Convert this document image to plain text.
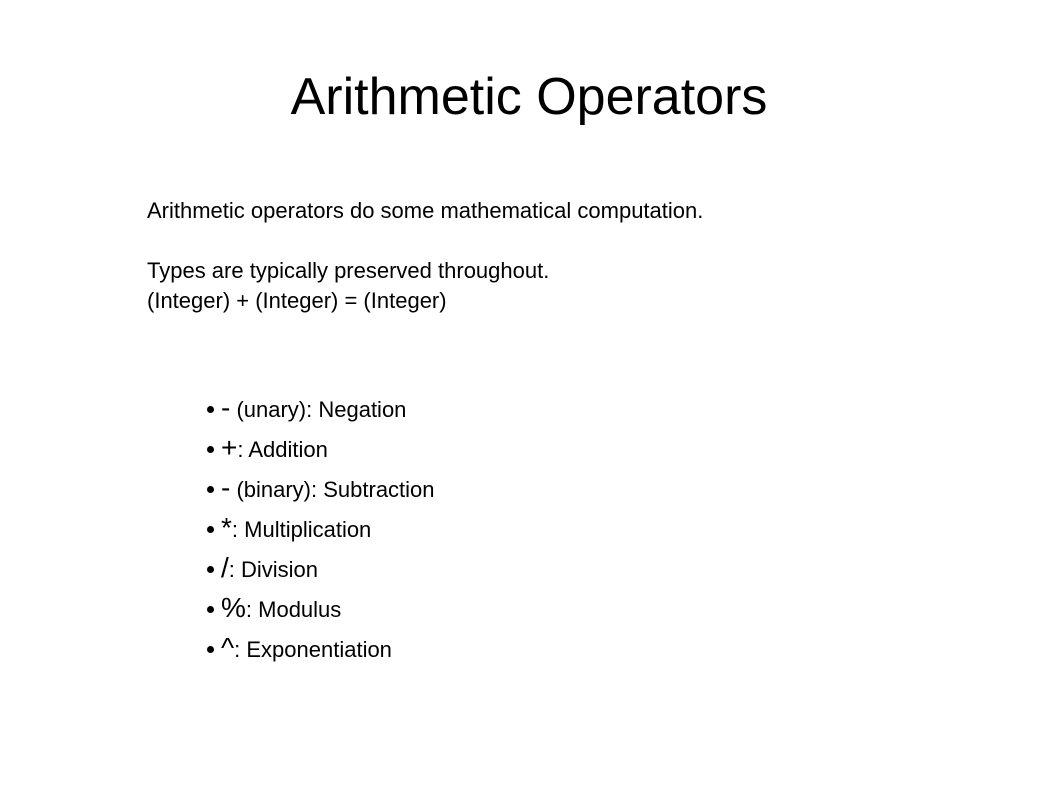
Arithmetic Operators

Arithmetic operators do some mathematical computation.

Types are typically preserved throughout.

(Integer) + (Integer) = (Integer)

- (unary): Negation
+: Addition
- (binary): Subtraction
*: Multiplication
/: Division
%: Modulus
^: Exponentiation
